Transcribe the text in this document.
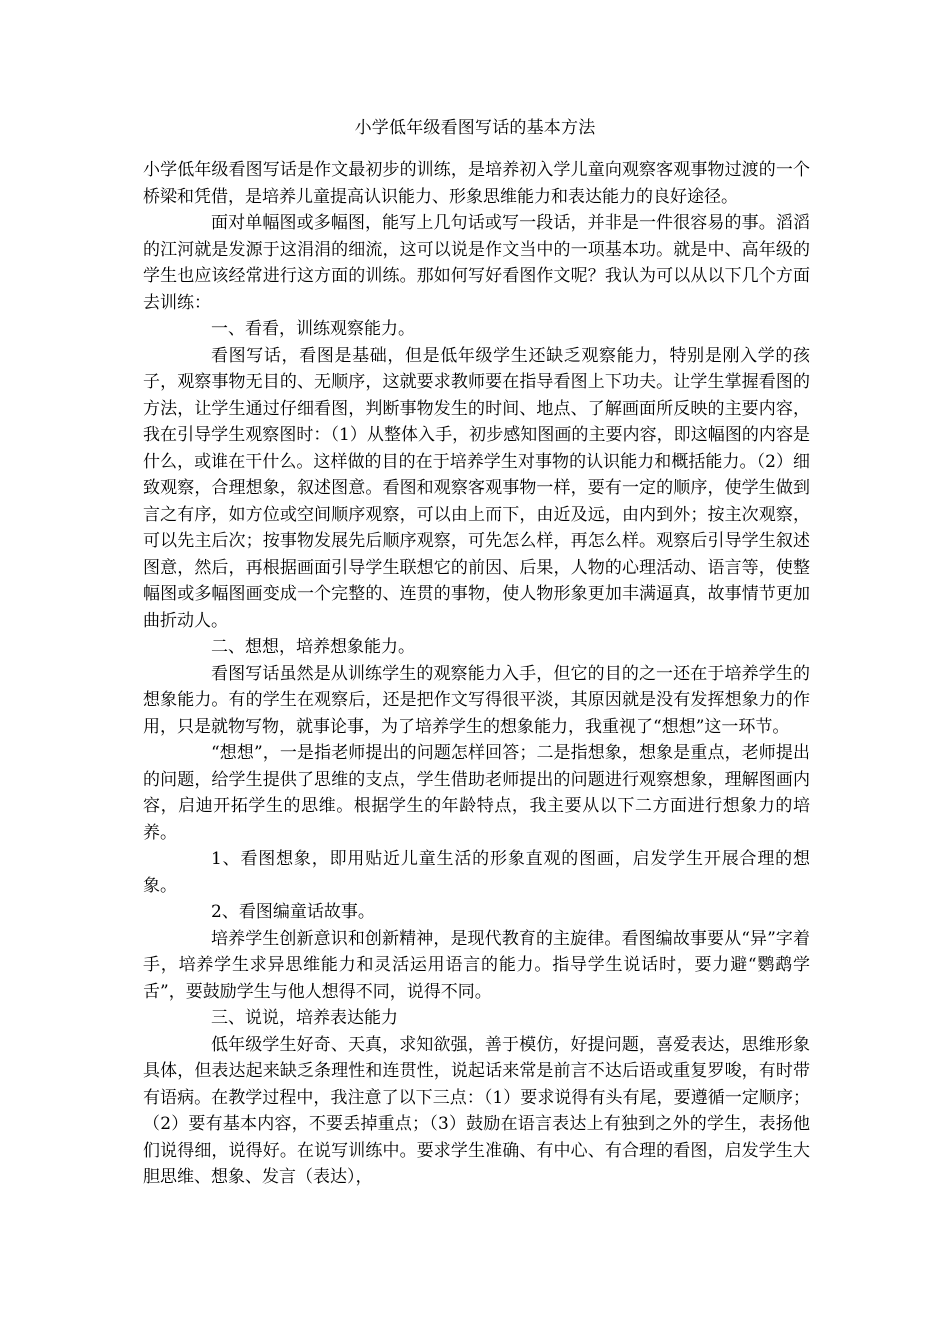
小学低年级看图写话的基本方法

小学低年级看图写话是作文最初步的训练，是培养初入学儿童向观察客观事物过渡的一个桥梁和凭借，是培养儿童提高认识能力、形象思维能力和表达能力的良好途径。

面对单幅图或多幅图，能写上几句话或写一段话，并非是一件很容易的事。滔滔的江河就是发源于这涓涓的细流，这可以说是作文当中的一项基本功。就是中、高年级的学生也应该经常进行这方面的训练。那如何写好看图作文呢？我认为可以从以下几个方面去训练：

一、看看，训练观察能力。

看图写话，看图是基础，但是低年级学生还缺乏观察能力，特别是刚入学的孩子，观察事物无目的、无顺序，这就要求教师要在指导看图上下功夫。让学生掌握看图的方法，让学生通过仔细看图，判断事物发生的时间、地点、了解画面所反映的主要内容，我在引导学生观察图时：（1）从整体入手，初步感知图画的主要内容，即这幅图的内容是什么，或谁在干什么。这样做的目的在于培养学生对事物的认识能力和概括能力。（2）细致观察，合理想象，叙述图意。看图和观察客观事物一样，要有一定的顺序，使学生做到言之有序，如方位或空间顺序观察，可以由上而下，由近及远，由内到外；按主次观察，可以先主后次；按事物发展先后顺序观察，可先怎么样，再怎么样。观察后引导学生叙述图意，然后，再根据画面引导学生联想它的前因、后果，人物的心理活动、语言等，使整幅图或多幅图画变成一个完整的、连贯的事物，使人物形象更加丰满逼真，故事情节更加曲折动人。

二、想想，培养想象能力。

看图写话虽然是从训练学生的观察能力入手，但它的目的之一还在于培养学生的想象能力。有的学生在观察后，还是把作文写得很平淡，其原因就是没有发挥想象力的作用，只是就物写物，就事论事，为了培养学生的想象能力，我重视了“想想”这一环节。

“想想”，一是指老师提出的问题怎样回答；二是指想象，想象是重点，老师提出的问题，给学生提供了思维的支点，学生借助老师提出的问题进行观察想象，理解图画内容，启迪开拓学生的思维。根据学生的年龄特点，我主要从以下二方面进行想象力的培养。

1、看图想象，即用贴近儿童生活的形象直观的图画，启发学生开展合理的想象。

2、看图编童话故事。

培养学生创新意识和创新精神，是现代教育的主旋律。看图编故事要从“异”字着手，培养学生求异思维能力和灵活运用语言的能力。指导学生说话时，要力避“鹦鹉学舌”，要鼓励学生与他人想得不同，说得不同。

三、说说，培养表达能力

低年级学生好奇、天真，求知欲强，善于模仿，好提问题，喜爱表达，思维形象具体，但表达起来缺乏条理性和连贯性，说起话来常是前言不达后语或重复罗唆，有时带有语病。在教学过程中，我注意了以下三点：（1）要求说得有头有尾，要遵循一定顺序；（2）要有基本内容，不要丢掉重点；（3）鼓励在语言表达上有独到之外的学生，表扬他们说得细，说得好。在说写训练中。要求学生准确、有中心、有合理的看图，启发学生大胆思维、想象、发言（表达），
